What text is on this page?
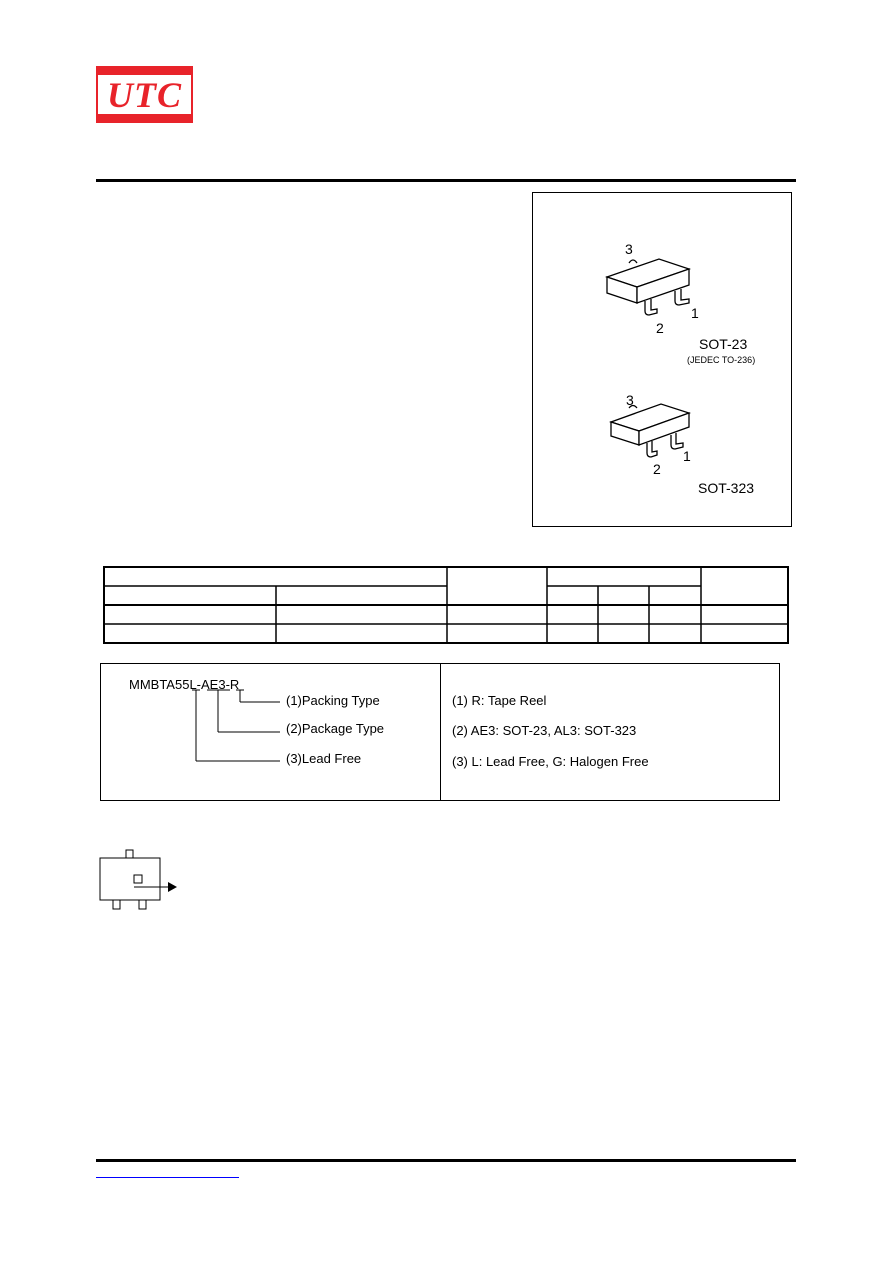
UTC
3
1
2
SOT-23
(JEDEC TO-236)
3
1
2
SOT-323
MMBTA55L-AE3-R
(1)Packing Type
(2)Package Type
(3)Lead Free
(1) R: Tape Reel
(2) AE3: SOT-23, AL3: SOT-323
(3) L: Lead Free, G: Halogen Free
